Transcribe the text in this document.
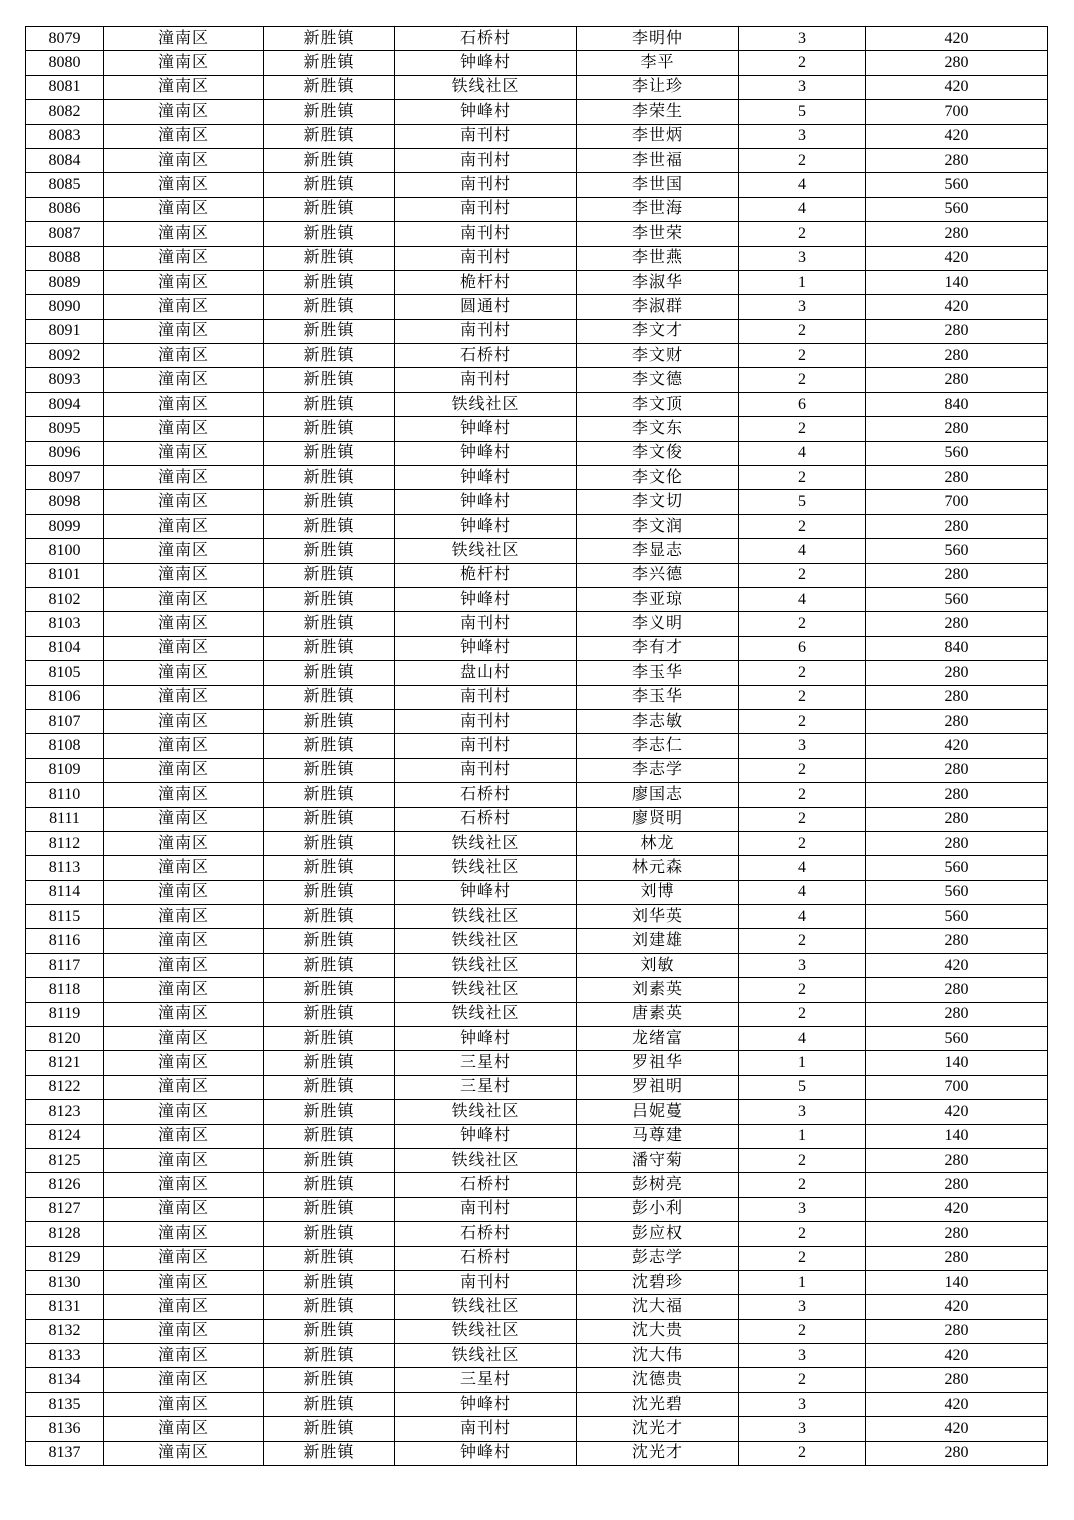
8079	潼南区	新胜镇	石桥村	李明仲	3	420
8080	潼南区	新胜镇	钟峰村	李平	2	280
8081	潼南区	新胜镇	铁线社区	李让珍	3	420
8082	潼南区	新胜镇	钟峰村	李荣生	5	700
8083	潼南区	新胜镇	南刊村	李世炳	3	420
8084	潼南区	新胜镇	南刊村	李世福	2	280
8085	潼南区	新胜镇	南刊村	李世国	4	560
8086	潼南区	新胜镇	南刊村	李世海	4	560
8087	潼南区	新胜镇	南刊村	李世荣	2	280
8088	潼南区	新胜镇	南刊村	李世燕	3	420
8089	潼南区	新胜镇	桅杆村	李淑华	1	140
8090	潼南区	新胜镇	圆通村	李淑群	3	420
8091	潼南区	新胜镇	南刊村	李文才	2	280
8092	潼南区	新胜镇	石桥村	李文财	2	280
8093	潼南区	新胜镇	南刊村	李文德	2	280
8094	潼南区	新胜镇	铁线社区	李文顶	6	840
8095	潼南区	新胜镇	钟峰村	李文东	2	280
8096	潼南区	新胜镇	钟峰村	李文俊	4	560
8097	潼南区	新胜镇	钟峰村	李文伦	2	280
8098	潼南区	新胜镇	钟峰村	李文切	5	700
8099	潼南区	新胜镇	钟峰村	李文润	2	280
8100	潼南区	新胜镇	铁线社区	李显志	4	560
8101	潼南区	新胜镇	桅杆村	李兴德	2	280
8102	潼南区	新胜镇	钟峰村	李亚琼	4	560
8103	潼南区	新胜镇	南刊村	李义明	2	280
8104	潼南区	新胜镇	钟峰村	李有才	6	840
8105	潼南区	新胜镇	盘山村	李玉华	2	280
8106	潼南区	新胜镇	南刊村	李玉华	2	280
8107	潼南区	新胜镇	南刊村	李志敏	2	280
8108	潼南区	新胜镇	南刊村	李志仁	3	420
8109	潼南区	新胜镇	南刊村	李志学	2	280
8110	潼南区	新胜镇	石桥村	廖国志	2	280
8111	潼南区	新胜镇	石桥村	廖贤明	2	280
8112	潼南区	新胜镇	铁线社区	林龙	2	280
8113	潼南区	新胜镇	铁线社区	林元森	4	560
8114	潼南区	新胜镇	钟峰村	刘博	4	560
8115	潼南区	新胜镇	铁线社区	刘华英	4	560
8116	潼南区	新胜镇	铁线社区	刘建雄	2	280
8117	潼南区	新胜镇	铁线社区	刘敏	3	420
8118	潼南区	新胜镇	铁线社区	刘素英	2	280
8119	潼南区	新胜镇	铁线社区	唐素英	2	280
8120	潼南区	新胜镇	钟峰村	龙绪富	4	560
8121	潼南区	新胜镇	三星村	罗祖华	1	140
8122	潼南区	新胜镇	三星村	罗祖明	5	700
8123	潼南区	新胜镇	铁线社区	吕妮蔓	3	420
8124	潼南区	新胜镇	钟峰村	马尊建	1	140
8125	潼南区	新胜镇	铁线社区	潘守菊	2	280
8126	潼南区	新胜镇	石桥村	彭树亮	2	280
8127	潼南区	新胜镇	南刊村	彭小利	3	420
8128	潼南区	新胜镇	石桥村	彭应权	2	280
8129	潼南区	新胜镇	石桥村	彭志学	2	280
8130	潼南区	新胜镇	南刊村	沈碧珍	1	140
8131	潼南区	新胜镇	铁线社区	沈大福	3	420
8132	潼南区	新胜镇	铁线社区	沈大贵	2	280
8133	潼南区	新胜镇	铁线社区	沈大伟	3	420
8134	潼南区	新胜镇	三星村	沈德贵	2	280
8135	潼南区	新胜镇	钟峰村	沈光碧	3	420
8136	潼南区	新胜镇	南刊村	沈光才	3	420
8137	潼南区	新胜镇	钟峰村	沈光才	2	280
